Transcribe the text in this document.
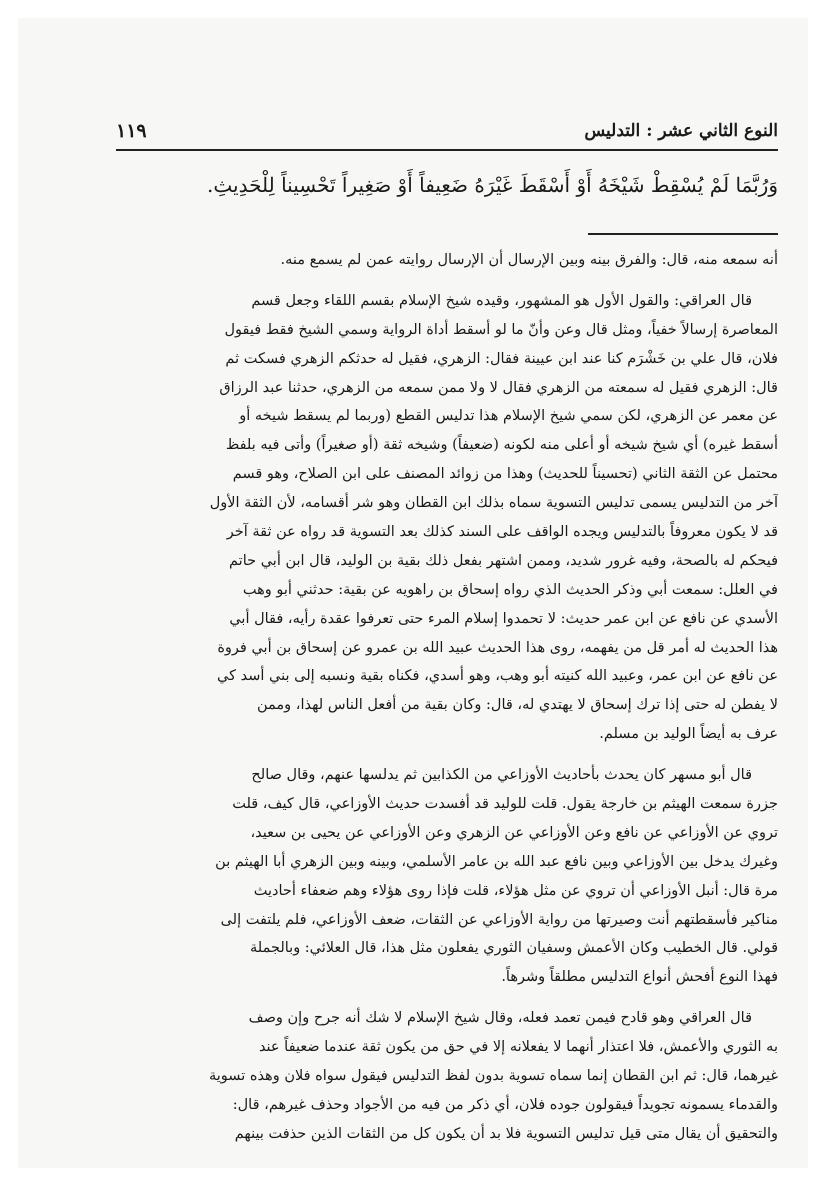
النوع الثاني عشر : التدليس
١١٩
وَرُبَّمَا لَمْ يُسْقِطْ شَيْخَهُ أَوْ أَسْقَطَ غَيْرَهُ ضَعِيفاً أَوْ صَغِيراً تَحْسِيناً لِلْحَدِيثِ.
أنه سمعه منه، قال: والفرق بينه وبين الإرسال أن الإرسال روايته عمن لم يسمع منه.
قال العراقي: والقول الأول هو المشهور، وقيده شيخ الإسلام بقسم اللقاء وجعل قسم
المعاصرة إرسالاً خفياً، ومثل قال وعن وأنّ ما لو أسقط أداة الرواية وسمي الشيخ فقط فيقول
فلان، قال علي بن خَشْرَم كنا عند ابن عيينة فقال: الزهري، فقيل له حدثكم الزهري فسكت ثم
قال: الزهري فقيل له سمعته من الزهري فقال لا ولا ممن سمعه من الزهري، حدثنا عبد الرزاق
عن معمر عن الزهري، لكن سمي شيخ الإسلام هذا تدليس القطع (وربما لم يسقط شيخه أو
أسقط غيره) أي شيخ شيخه أو أعلى منه لكونه (ضعيفاً) وشيخه ثقة (أو صغيراً) وأتى فيه بلفظ
محتمل عن الثقة الثاني (تحسيناً للحديث) وهذا من زوائد المصنف على ابن الصلاح، وهو قسم
آخر من التدليس يسمى تدليس التسوية سماه بذلك ابن القطان وهو شر أقسامه، لأن الثقة الأول
قد لا يكون معروفاً بالتدليس ويجده الواقف على السند كذلك بعد التسوية قد رواه عن ثقة آخر
فيحكم له بالصحة، وفيه غرور شديد، وممن اشتهر بفعل ذلك بقية بن الوليد، قال ابن أبي حاتم
في العلل: سمعت أبي وذكر الحديث الذي رواه إسحاق بن راهويه عن بقية: حدثني أبو وهب
الأسدي عن نافع عن ابن عمر حديث: لا تحمدوا إسلام المرء حتى تعرفوا عقدة رأيه، فقال أبي
هذا الحديث له أمر قل من يفهمه، روى هذا الحديث عبيد الله بن عمرو عن إسحاق بن أبي فروة
عن نافع عن ابن عمر، وعبيد الله كنيته أبو وهب، وهو أسدي، فكناه بقية ونسبه إلى بني أسد كي
لا يفطن له حتى إذا ترك إسحاق لا يهتدي له، قال: وكان بقية من أفعل الناس لهذا، وممن
عرف به أيضاً الوليد بن مسلم.
قال أبو مسهر كان يحدث بأحاديث الأوزاعي من الكذابين ثم يدلسها عنهم، وقال صالح
جزرة سمعت الهيثم بن خارجة يقول. قلت للوليد قد أفسدت حديث الأوزاعي، قال كيف، قلت
تروي عن الأوزاعي عن نافع وعن الأوزاعي عن الزهري وعن الأوزاعي عن يحيى بن سعيد،
وغيرك يدخل بين الأوزاعي وبين نافع عبد الله بن عامر الأسلمي، وبينه وبين الزهري أبا الهيثم بن
مرة قال: أنبل الأوزاعي أن تروي عن مثل هؤلاء، قلت فإذا روى هؤلاء وهم ضعفاء أحاديث
مناكير فأسقطتهم أنت وصيرتها من رواية الأوزاعي عن الثقات، ضعف الأوزاعي، فلم يلتفت إلى
قولي. قال الخطيب وكان الأعمش وسفيان الثوري يفعلون مثل هذا، قال العلائي: وبالجملة
فهذا النوع أفحش أنواع التدليس مطلقاً وشرهاً.
قال العراقي وهو قادح فيمن تعمد فعله، وقال شيخ الإسلام لا شك أنه جرح وإن وصف
به الثوري والأعمش، فلا اعتذار أنهما لا يفعلانه إلا في حق من يكون ثقة عندما ضعيفاً عند
غيرهما، قال: ثم ابن القطان إنما سماه تسوية بدون لفظ التدليس فيقول سواه فلان وهذه تسوية
والقدماء يسمونه تجويداً فيقولون جوده فلان، أي ذكر من فيه من الأجواد وحذف غيرهم، قال:
والتحقيق أن يقال متى قيل تدليس التسوية فلا بد أن يكون كل من الثقات الذين حذفت بينهم
